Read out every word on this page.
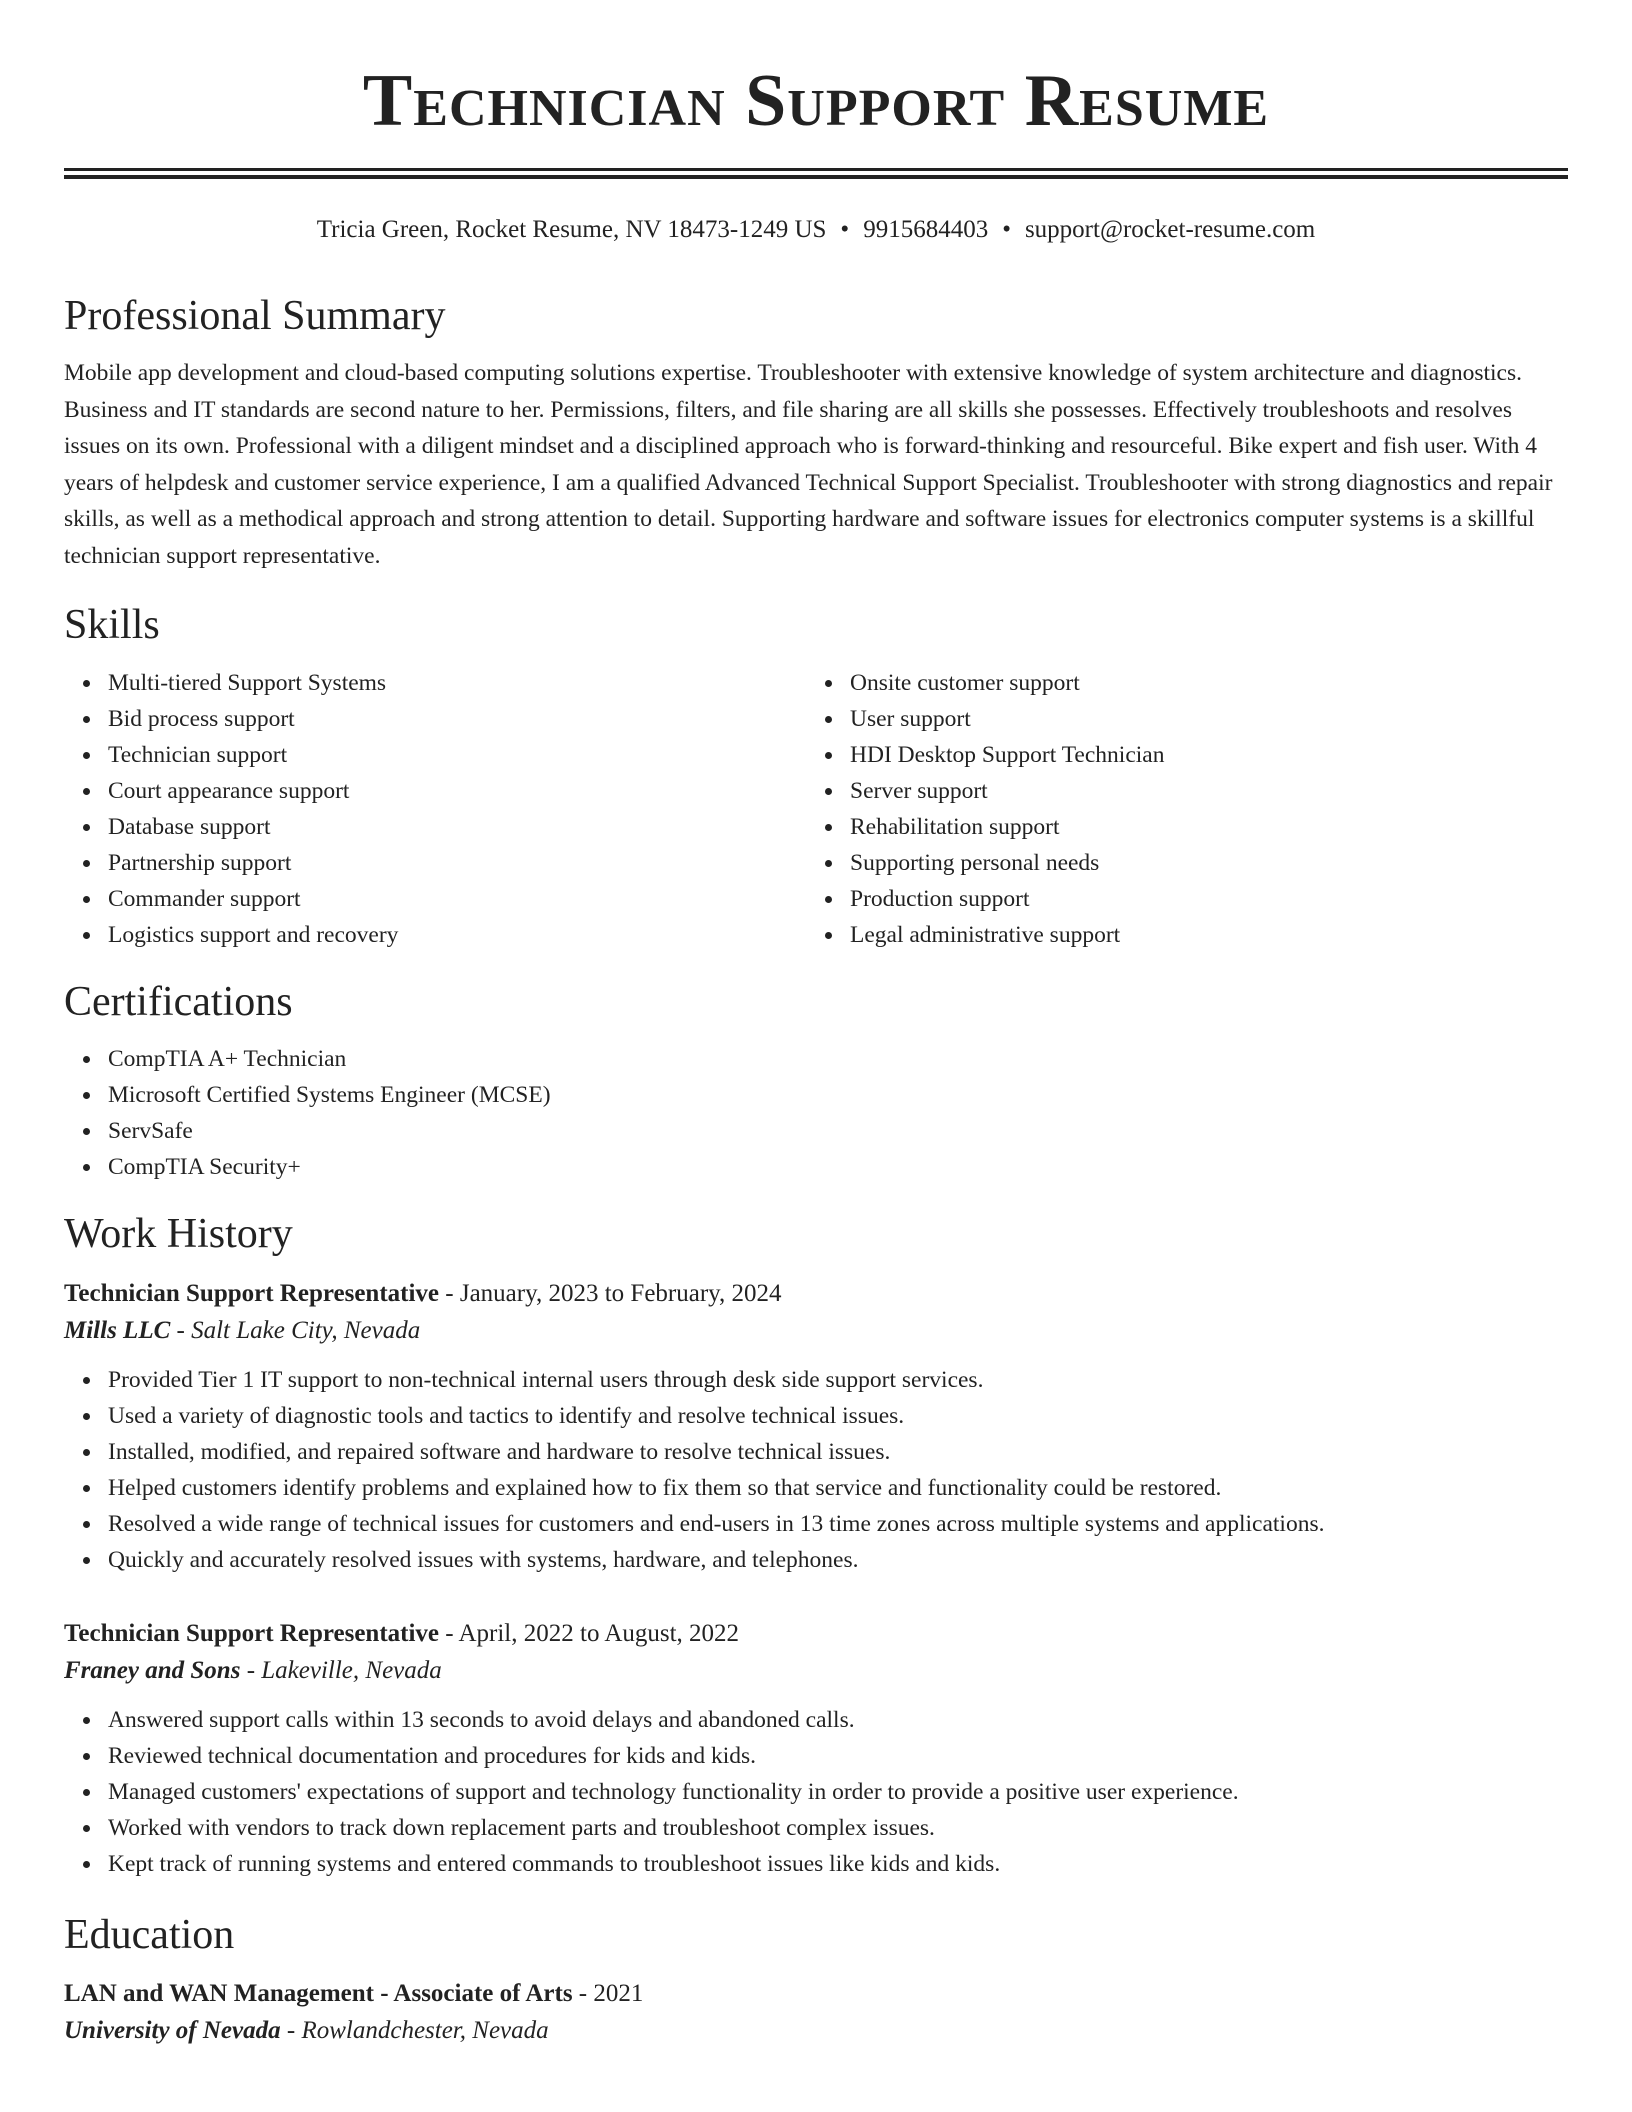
Technician Support Resume
Tricia Green, Rocket Resume, NV 18473-1249 US • 9915684403 • support@rocket-resume.com
Professional Summary
Mobile app development and cloud-based computing solutions expertise. Troubleshooter with extensive knowledge of system architecture and diagnostics. Business and IT standards are second nature to her. Permissions, filters, and file sharing are all skills she possesses. Effectively troubleshoots and resolves issues on its own. Professional with a diligent mindset and a disciplined approach who is forward-thinking and resourceful. Bike expert and fish user. With 4 years of helpdesk and customer service experience, I am a qualified Advanced Technical Support Specialist. Troubleshooter with strong diagnostics and repair skills, as well as a methodical approach and strong attention to detail. Supporting hardware and software issues for electronics computer systems is a skillful technician support representative.
Skills
Multi-tiered Support Systems
Bid process support
Technician support
Court appearance support
Database support
Partnership support
Commander support
Logistics support and recovery
Onsite customer support
User support
HDI Desktop Support Technician
Server support
Rehabilitation support
Supporting personal needs
Production support
Legal administrative support
Certifications
CompTIA A+ Technician
Microsoft Certified Systems Engineer (MCSE)
ServSafe
CompTIA Security+
Work History
Technician Support Representative - January, 2023 to February, 2024
Mills LLC - Salt Lake City, Nevada
Provided Tier 1 IT support to non-technical internal users through desk side support services.
Used a variety of diagnostic tools and tactics to identify and resolve technical issues.
Installed, modified, and repaired software and hardware to resolve technical issues.
Helped customers identify problems and explained how to fix them so that service and functionality could be restored.
Resolved a wide range of technical issues for customers and end-users in 13 time zones across multiple systems and applications.
Quickly and accurately resolved issues with systems, hardware, and telephones.
Technician Support Representative - April, 2022 to August, 2022
Franey and Sons - Lakeville, Nevada
Answered support calls within 13 seconds to avoid delays and abandoned calls.
Reviewed technical documentation and procedures for kids and kids.
Managed customers' expectations of support and technology functionality in order to provide a positive user experience.
Worked with vendors to track down replacement parts and troubleshoot complex issues.
Kept track of running systems and entered commands to troubleshoot issues like kids and kids.
Education
LAN and WAN Management - Associate of Arts - 2021
University of Nevada - Rowlandchester, Nevada
